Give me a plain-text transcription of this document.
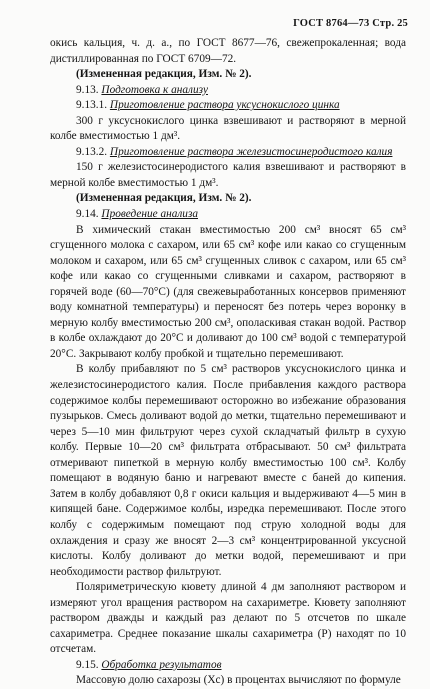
ГОСТ 8764—73 Стр. 25

окись кальция, ч. д. а., по ГОСТ 8677—76, свежепрокаленная; вода дистиллированная по ГОСТ 6709—72.

(Измененная редакция, Изм. № 2).

9.13. Подготовка к анализу

9.13.1. Приготовление раствора уксуснокислого цинка

300 г уксуснокислого цинка взвешивают и растворяют в мерной колбе вместимостью 1 дм³.

9.13.2. Приготовление раствора железистосинеродистого калия

150 г железистосинеродистого калия взвешивают и растворяют в мерной колбе вместимостью 1 дм³.

(Измененная редакция, Изм. № 2).

9.14. Проведение анализа

В химический стакан вместимостью 200 см³ вносят 65 см³ сгущенного молока с сахаром, или 65 см³ кофе или какао со сгущенным молоком и сахаром, или 65 см³ сгущенных сливок с сахаром, или 65 см³ кофе или какао со сгущенными сливками и сахаром, растворяют в горячей воде (60—70°С) (для свежевыработанных консервов применяют воду комнатной температуры) и переносят без потерь через воронку в мерную колбу вместимостью 200 см³, ополаскивая стакан водой. Раствор в колбе охлаждают до 20°С и доливают до 100 см³ водой с температурой 20°С. Закрывают колбу пробкой и тщательно перемешивают.

В колбу прибавляют по 5 см³ растворов уксуснокислого цинка и железистосинеродистого калия. После прибавления каждого раствора содержимое колбы перемешивают осторожно во избежание образования пузырьков. Смесь доливают водой до метки, тщательно перемешивают и через 5—10 мин фильтруют через сухой складчатый фильтр в сухую колбу. Первые 10—20 см³ фильтрата отбрасывают. 50 см³ фильтрата отмеривают пипеткой в мерную колбу вместимостью 100 см³. Колбу помещают в водяную баню и нагревают вместе с баней до кипения. Затем в колбу добавляют 0,8 г окиси кальция и выдерживают 4—5 мин в кипящей бане. Содержимое колбы, изредка перемешивают. После этого колбу с содержимым помещают под струю холодной воды для охлаждения и сразу же вносят 2—3 см³ концентрированной уксусной кислоты. Колбу доливают до метки водой, перемешивают и при необходимости раствор фильтруют.

Поляриметрическую кювету длиной 4 дм заполняют раствором и измеряют угол вращения раствором на сахариметре. Кювету заполняют раствором дважды и каждый раз делают по 5 отсчетов по шкале сахариметра. Среднее показание шкалы сахариметра (P) находят по 10 отсчетам.

9.15. Обработка результатов

Массовую долю сахарозы (Xс) в процентах вычисляют по формуле
